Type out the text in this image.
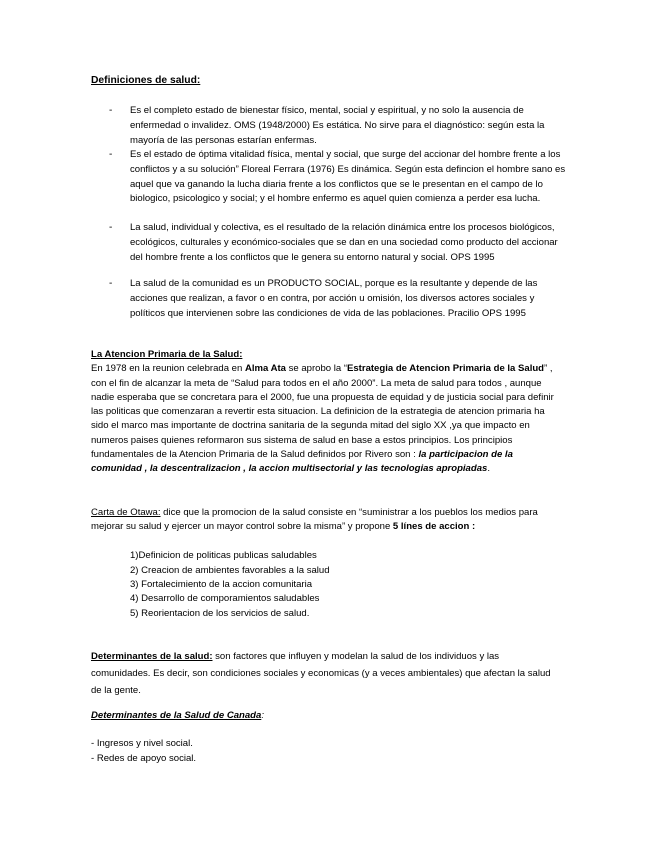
Definiciones de salud:
- Es el completo estado de bienestar físico, mental, social y espiritual, y no solo la ausencia de enfermedad o invalidez. OMS (1948/2000) Es estática. No sirve para el diagnóstico: según esta la mayoría de las personas estarían enfermas.
- Es el estado de óptima vitalidad física, mental y social, que surge del accionar del hombre frente a los conflictos y a su solución” Floreal Ferrara (1976) Es dinámica. Según esta defincion el hombre sano es aquel que va ganando la lucha diaria frente a los conflictos que se le presentan en el campo de lo biologico, psicologico y social; y el hombre enfermo es aquel quien comienza a perder esa lucha.
- La salud, individual y colectiva, es el resultado de la relación dinámica entre los procesos biológicos, ecológicos, culturales y económico-sociales que se dan en una sociedad como producto del accionar del hombre frente a los conflictos que le genera su entorno natural y social. OPS 1995
- La salud de la comunidad es un PRODUCTO SOCIAL, porque es la resultante y depende de las acciones que realizan, a favor o en contra, por acción u omisión, los diversos actores sociales y políticos que intervienen sobre las condiciones de vida de las poblaciones. Pracilio OPS 1995
La Atencion Primaria de la Salud:
En 1978 en la reunion celebrada en Alma Ata se aprobo la “Estrategia de Atencion Primaria de la Salud” , con el fin de alcanzar la meta de “Salud para todos en el año 2000”. La meta de salud para todos , aunque nadie esperaba que se concretara para el 2000, fue una propuesta de equidad y de justicia social para definir las politicas que comenzaran a revertir esta situacion. La definicion de la estrategia de atencion primaria ha sido el marco mas importante de doctrina sanitaria de la segunda mitad del siglo XX ,ya que impacto en numeros paises quienes reformaron sus sistema de salud en base a estos principios. Los principios fundamentales de la Atencion Primaria de la Salud definidos por Rivero son : la participacion de la comunidad , la descentralizacion , la accion multisectorial y las tecnologias apropiadas.
Carta de Otawa: dice que la promocion de la salud consiste en “suministrar a los pueblos los medios para mejorar su salud y ejercer un mayor control sobre la misma” y propone 5 línes de accion :
1)Definicion de politicas publicas saludables
2) Creacion de ambientes favorables a la salud
3) Fortalecimiento de la accion comunitaria
4) Desarrollo de comporamientos saludables
5) Reorientacion de los servicios de salud.
Determinantes de la salud: son factores que influyen y modelan la salud de los individuos y las comunidades. Es decir, son condiciones sociales y economicas (y a veces ambientales) que afectan la salud de la gente.
Determinantes de la Salud de Canada:
- Ingresos y nivel social.
- Redes de apoyo social.
